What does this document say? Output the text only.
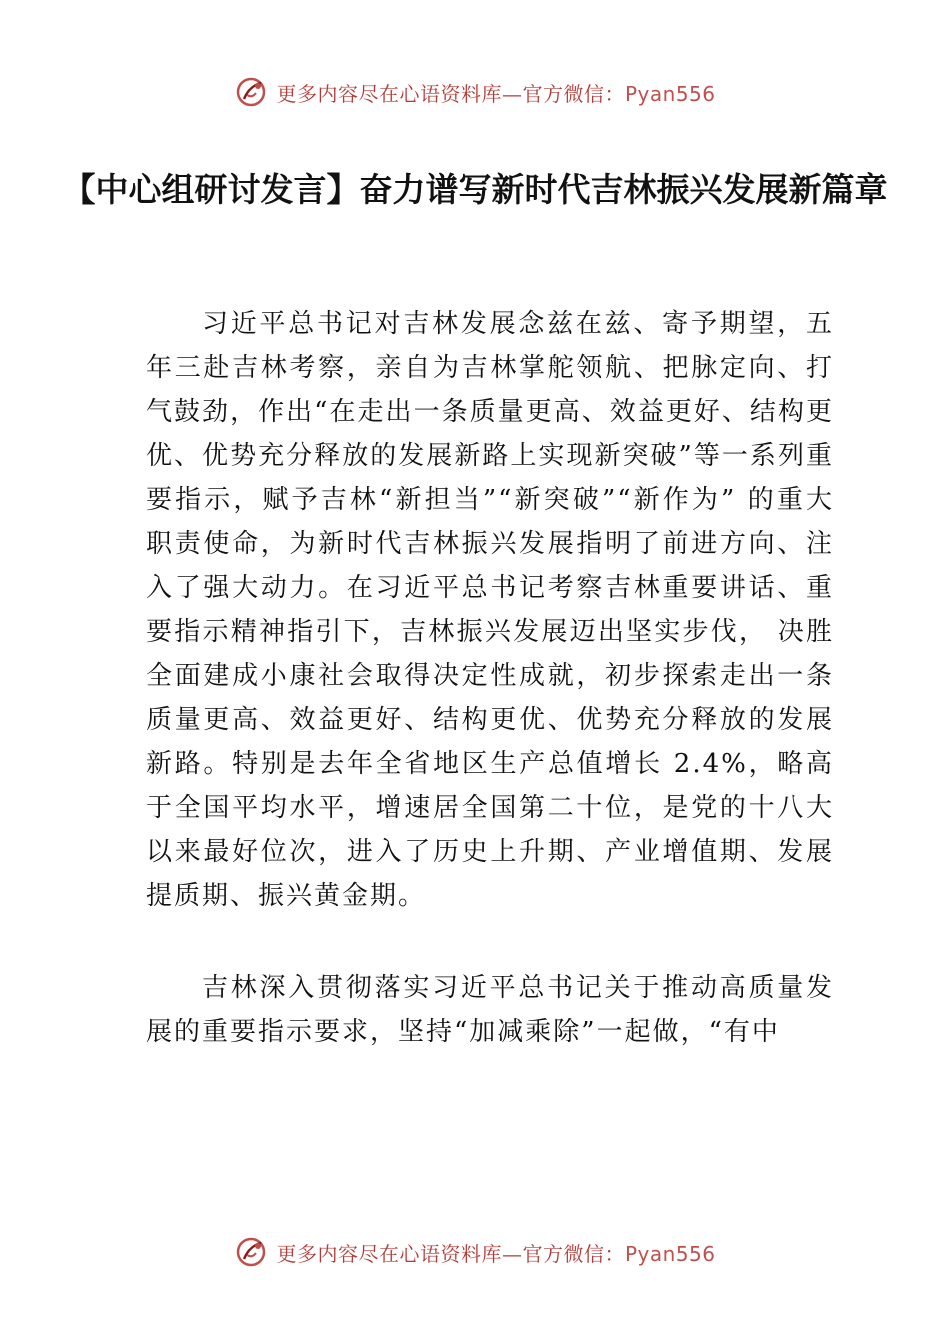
更多内容尽在心语资料库—官方微信：Pyan556
【中心组研讨发言】奋力谱写新时代吉林振兴发展新篇章

习近平总书记对吉林发展念兹在兹、寄予期望，五年三赴吉林考察，亲自为吉林掌舵领航、把脉定向、打气鼓劲，作出“在走出一条质量更高、效益更好、结构更优、优势充分释放的发展新路上实现新突破”等一系列重要指示，赋予吉林“新担当”“新突破”“新作为” 的重大职责使命，为新时代吉林振兴发展指明了前进方向、注入了强大动力。在习近平总书记考察吉林重要讲话、重要指示精神指引下，吉林振兴发展迈出坚实步伐， 决胜全面建成小康社会取得决定性成就，初步探索走出一条质量更高、效益更好、结构更优、优势充分释放的发展新路。特别是去年全省地区生产总值增长 2.4%，略高于全国平均水平，增速居全国第二十位，是党的十八大以来最好位次，进入了历史上升期、产业增值期、发展提质期、振兴黄金期。

吉林深入贯彻落实习近平总书记关于推动高质量发展的重要指示要求，坚持“加减乘除”一起做，“有中

更多内容尽在心语资料库—官方微信：Pyan556
